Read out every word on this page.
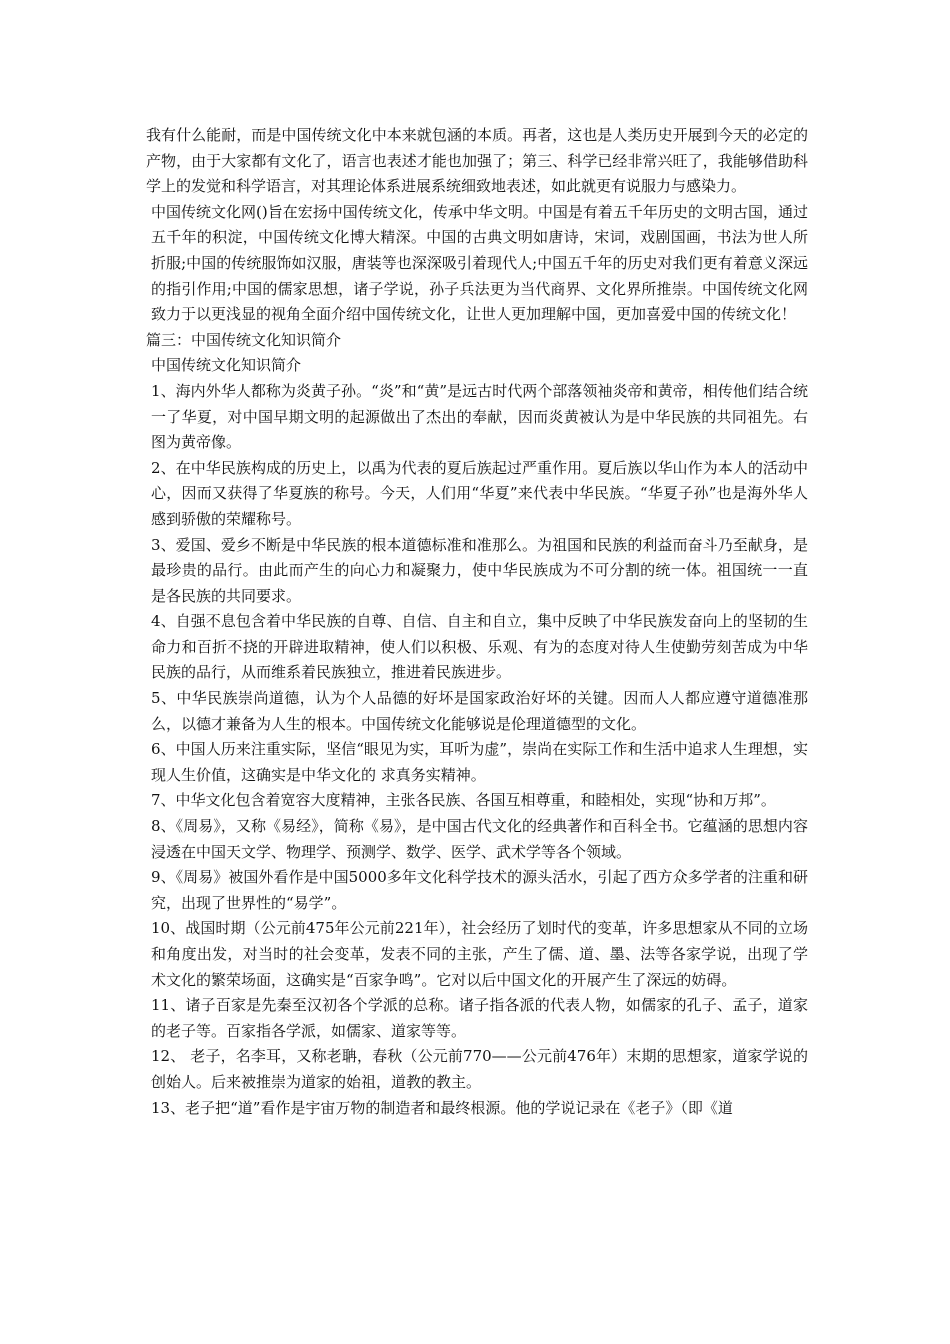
我有什么能耐，而是中国传统文化中本来就包涵的本质。再者，这也是人类历史开展到今天的必定的产物，由于大家都有文化了，语言也表述才能也加强了；第三、科学已经非常兴旺了，我能够借助科学上的发觉和科学语言，对其理论体系进展系统细致地表述，如此就更有说服力与感染力。

中国传统文化网()旨在宏扬中国传统文化，传承中华文明。中国是有着五千年历史的文明古国，通过五千年的积淀，中国传统文化博大精深。中国的古典文明如唐诗，宋词，戏剧国画，书法为世人所折服;中国的传统服饰如汉服，唐装等也深深吸引着现代人;中国五千年的历史对我们更有着意义深远的指引作用;中国的儒家思想，诸子学说，孙子兵法更为当代商界、文化界所推崇。中国传统文化网致力于以更浅显的视角全面介绍中国传统文化，让世人更加理解中国，更加喜爱中国的传统文化！

篇三：中国传统文化知识简介

中国传统文化知识简介

1、海内外华人都称为炎黄子孙。“炎”和“黄”是远古时代两个部落领袖炎帝和黄帝，相传他们结合统一了华夏，对中国早期文明的起源做出了杰出的奉献，因而炎黄被认为是中华民族的共同祖先。右图为黄帝像。

2、在中华民族构成的历史上，以禹为代表的夏后族起过严重作用。夏后族以华山作为本人的活动中心，因而又获得了华夏族的称号。今天，人们用“华夏”来代表中华民族。“华夏子孙”也是海外华人感到骄傲的荣耀称号。

3、爱国、爱乡不断是中华民族的根本道德标准和准那么。为祖国和民族的利益而奋斗乃至献身，是最珍贵的品行。由此而产生的向心力和凝聚力，使中华民族成为不可分割的统一体。祖国统一一直是各民族的共同要求。

4、自强不息包含着中华民族的自尊、自信、自主和自立，集中反映了中华民族发奋向上的坚韧的生命力和百折不挠的开辟进取精神，使人们以积极、乐观、有为的态度对待人生使勤劳刻苦成为中华民族的品行，从而维系着民族独立，推进着民族进步。

5、中华民族崇尚道德，认为个人品德的好坏是国家政治好坏的关键。因而人人都应遵守道德准那么，以德才兼备为人生的根本。中国传统文化能够说是伦理道德型的文化。

6、中国人历来注重实际，坚信“眼见为实，耳听为虚”，崇尚在实际工作和生活中追求人生理想，实现人生价值，这确实是中华文化的 求真务实精神。

7、中华文化包含着宽容大度精神，主张各民族、各国互相尊重，和睦相处，实现“协和万邦”。

8、《周易》，又称《易经》，简称《易》，是中国古代文化的经典著作和百科全书。它蕴涵的思想内容浸透在中国天文学、物理学、预测学、数学、医学、武术学等各个领域。

9、《周易》被国外看作是中国5000多年文化科学技术的源头活水，引起了西方众多学者的注重和研究，出现了世界性的“易学”。

10、战国时期（公元前475年公元前221年），社会经历了划时代的变革，许多思想家从不同的立场和角度出发，对当时的社会变革，发表不同的主张，产生了儒、道、墨、法等各家学说，出现了学术文化的繁荣场面，这确实是“百家争鸣”。它对以后中国文化的开展产生了深远的妨碍。

11、诸子百家是先秦至汉初各个学派的总称。诸子指各派的代表人物，如儒家的孔子、孟子，道家的老子等。百家指各学派，如儒家、道家等等。

12、 老子，名李耳，又称老聃，春秋（公元前770——公元前476年）末期的思想家，道家学说的创始人。后来被推崇为道家的始祖，道教的教主。

13、老子把“道”看作是宇宙万物的制造者和最终根源。他的学说记录在《老子》（即《道
